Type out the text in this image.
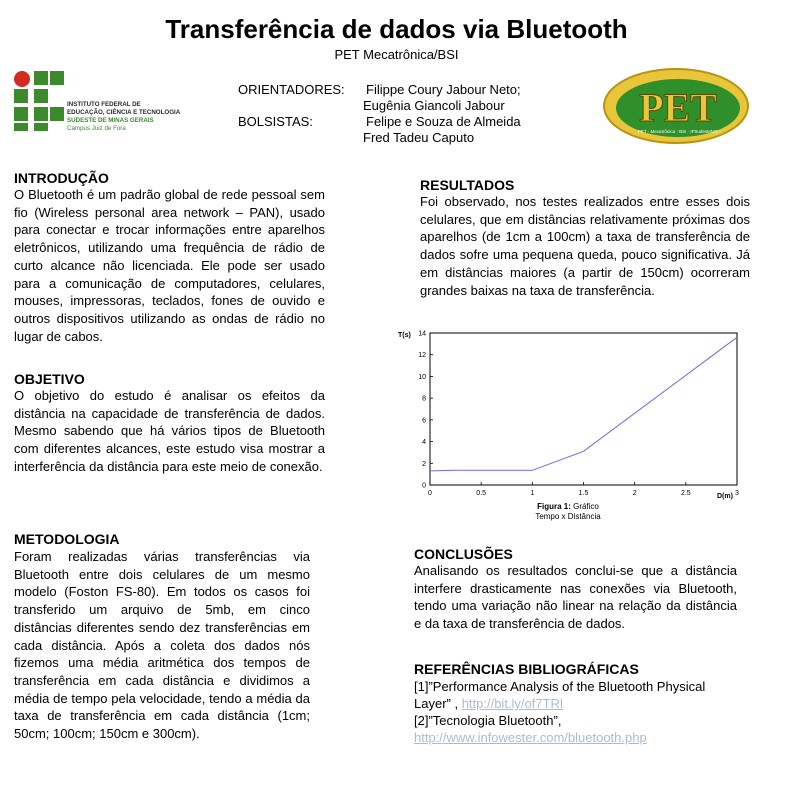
Transferência de dados via Bluetooth
PET Mecatrônica/BSI
INSTITUTO FEDERAL DE
EDUCAÇÃO, CIÊNCIA E TECNOLOGIA
SUDESTE DE MINAS GERAIS
Campus Juiz de Fora	PET
PET · Mecatrônica · BSI · IFSudesteMG
ORIENTADORES: Filippe Coury Jabour Neto;
Eugênia Giancoli Jabour
BOLSISTAS:	Felipe e Souza de Almeida
Fred Tadeu Caputo
INTRODUÇÃO
O Bluetooth é um padrão global de rede pessoal sem fio (Wireless personal area network – PAN), usado para conectar e trocar informações entre aparelhos eletrônicos, utilizando uma frequência de rádio de curto alcance não licenciada. Ele pode ser usado para a comunicação de computadores, celulares, mouses, impressoras, teclados, fones de ouvido e outros dispositivos utilizando as ondas de rádio no lugar de cabos.
OBJETIVO
O objetivo do estudo é analisar os efeitos da distância na capacidade de transferência de dados. Mesmo sabendo que há vários tipos de Bluetooth com diferentes alcances, este estudo visa mostrar a interferência da distância para este meio de conexão.
METODOLOGIA
Foram realizadas várias transferências via Bluetooth entre dois celulares de um mesmo modelo (Foston FS-80). Em todos os casos foi transferido um arquivo de 5mb, em cinco distâncias diferentes sendo dez transferências em cada distância. Após a coleta dos dados nós fizemos uma média aritmética dos tempos de transferência em cada distância e dividimos a média de tempo pela velocidade, tendo a média da taxa de transferência em cada distância (1cm; 50cm; 100cm; 150cm e 300cm).
RESULTADOS
Foi observado, nos testes realizados entre esses dois celulares, que em distâncias relativamente próximas dos aparelhos (de 1cm a 100cm) a taxa de transferência de dados sofre uma pequena queda, pouco significativa. Já em distâncias maiores (a partir de 150cm) ocorreram grandes baixas na taxa de transferência.
0
2
4
6
8
10
12
14
0	0.5	1	1.5	2	2.5	3
T(s)
D(m)
Figura 1: Gráfico
Tempo x Distância
CONCLUSÕES
Analisando os resultados conclui-se que a distância interfere drasticamente nas conexões via Bluetooth, tendo uma variação não linear na relação da distância e da taxa de transferência de dados.
REFERÊNCIAS BIBLIOGRÁFICAS
[1]”Performance Analysis of the Bluetooth Physical Layer” , http://bit.ly/of7TRl
[2]”Tecnologia Bluetooth”,
http://www.infowester.com/bluetooth.php
